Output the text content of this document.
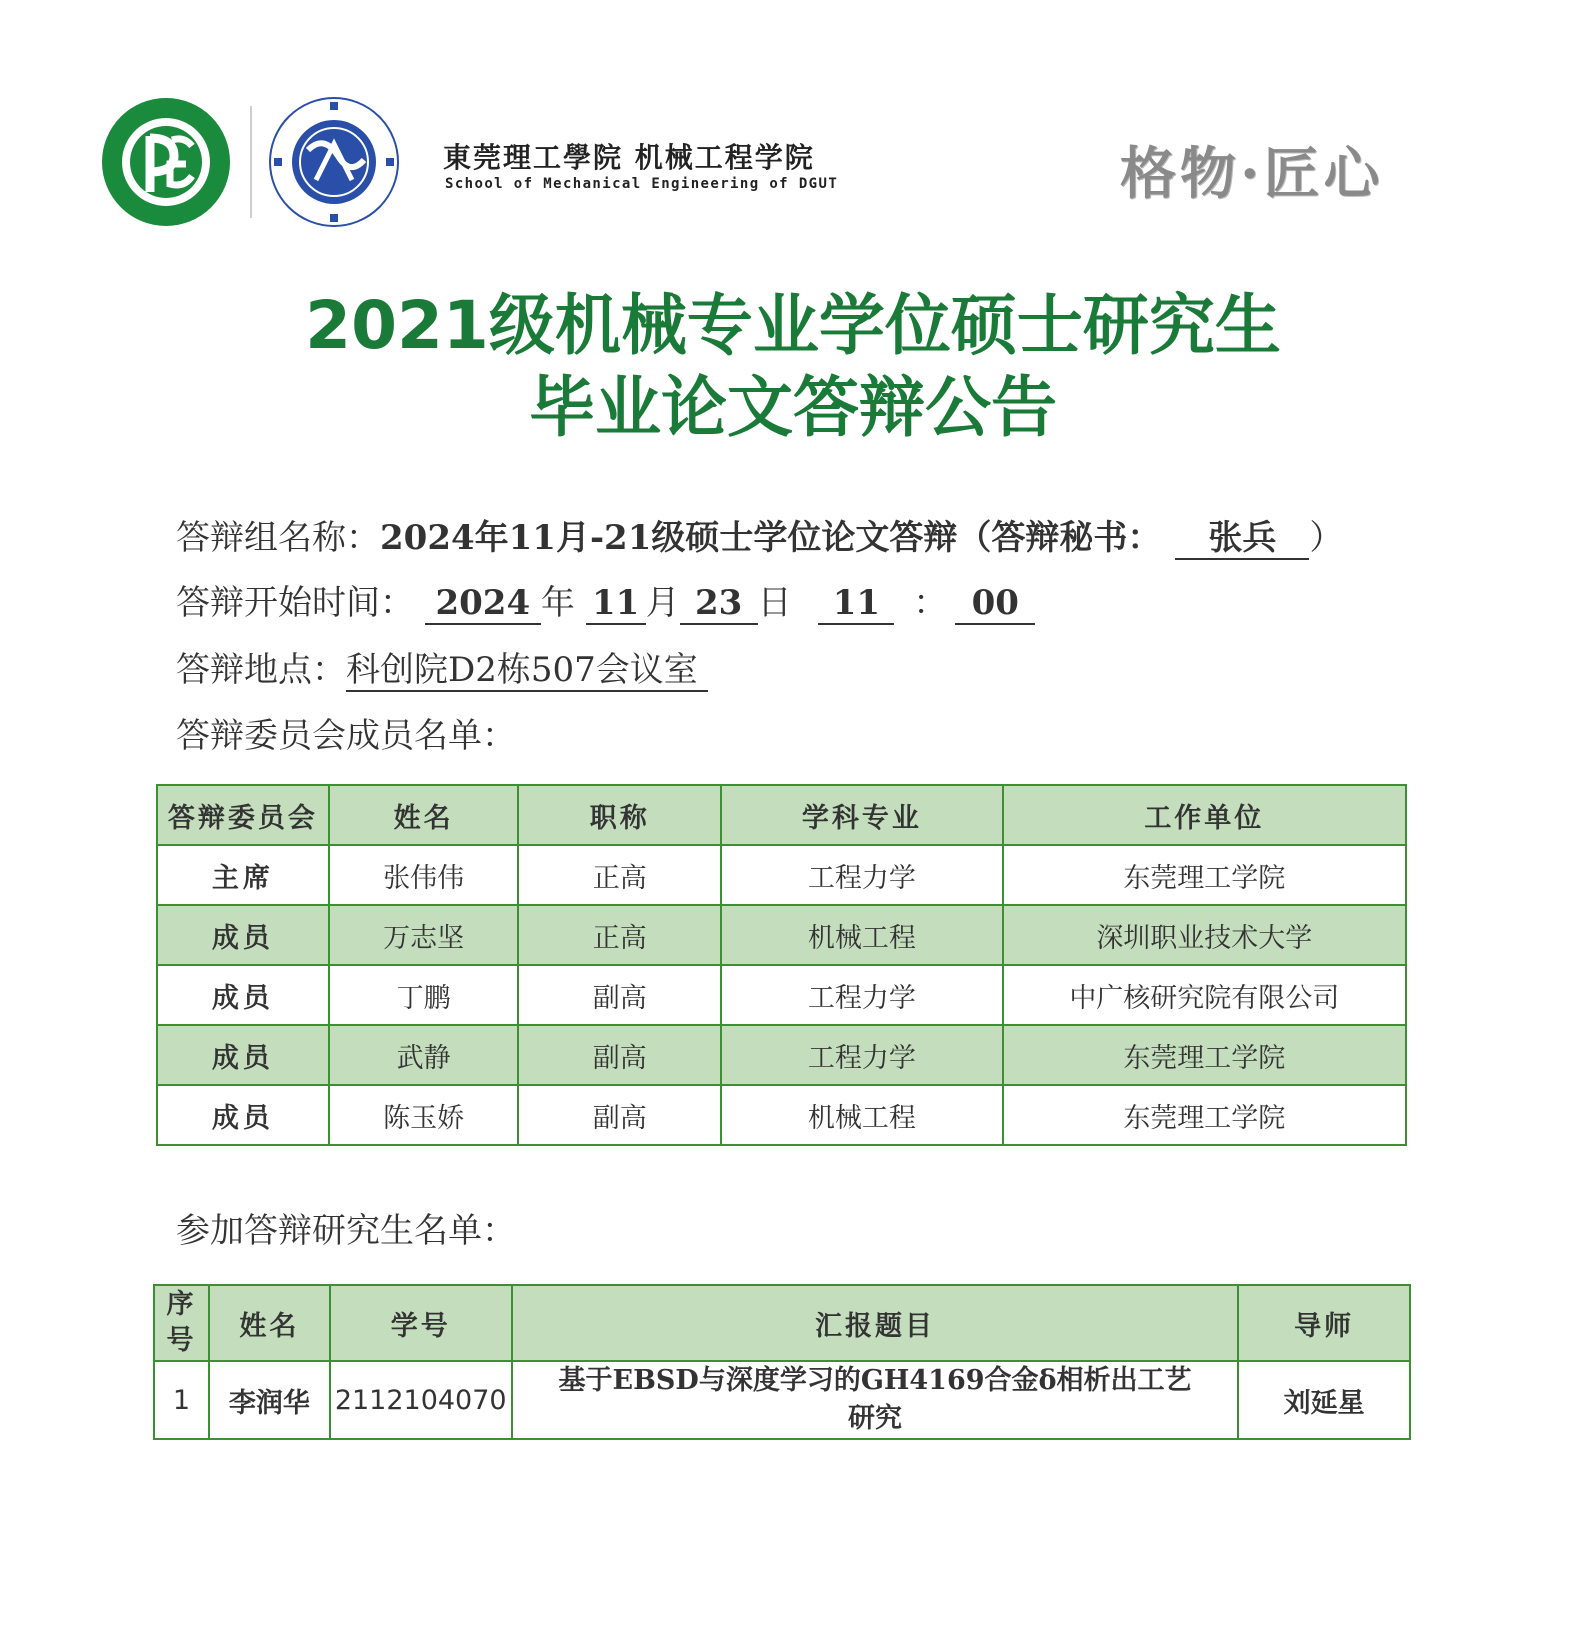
東莞理工學院 机械工程学院
School of Mechanical Engineering of DGUT	格物·匠心
2021级机械专业学位硕士研究生
毕业论文答辩公告
答辩组名称：2024年11月-21级硕士学位论文答辩（答辩秘书： 张兵 ）
答辩开始时间： 2024 年 11 月 23 日 11 ： 00
答辩地点：科创院D2栋507会议室
答辩委员会成员名单：
答辩委员会	姓名	职称	学科专业	工作单位
主席	张伟伟	正高	工程力学	东莞理工学院
成员	万志坚	正高	机械工程	深圳职业技术大学
成员	丁鹏	副高	工程力学	中广核研究院有限公司
成员	武静	副高	工程力学	东莞理工学院
成员	陈玉娇	副高	机械工程	东莞理工学院
参加答辩研究生名单：
序号	姓名	学号	汇报题目	导师
1	李润华	2112104070	基于EBSD与深度学习的GH4169合金δ相析出工艺研究	刘延星
